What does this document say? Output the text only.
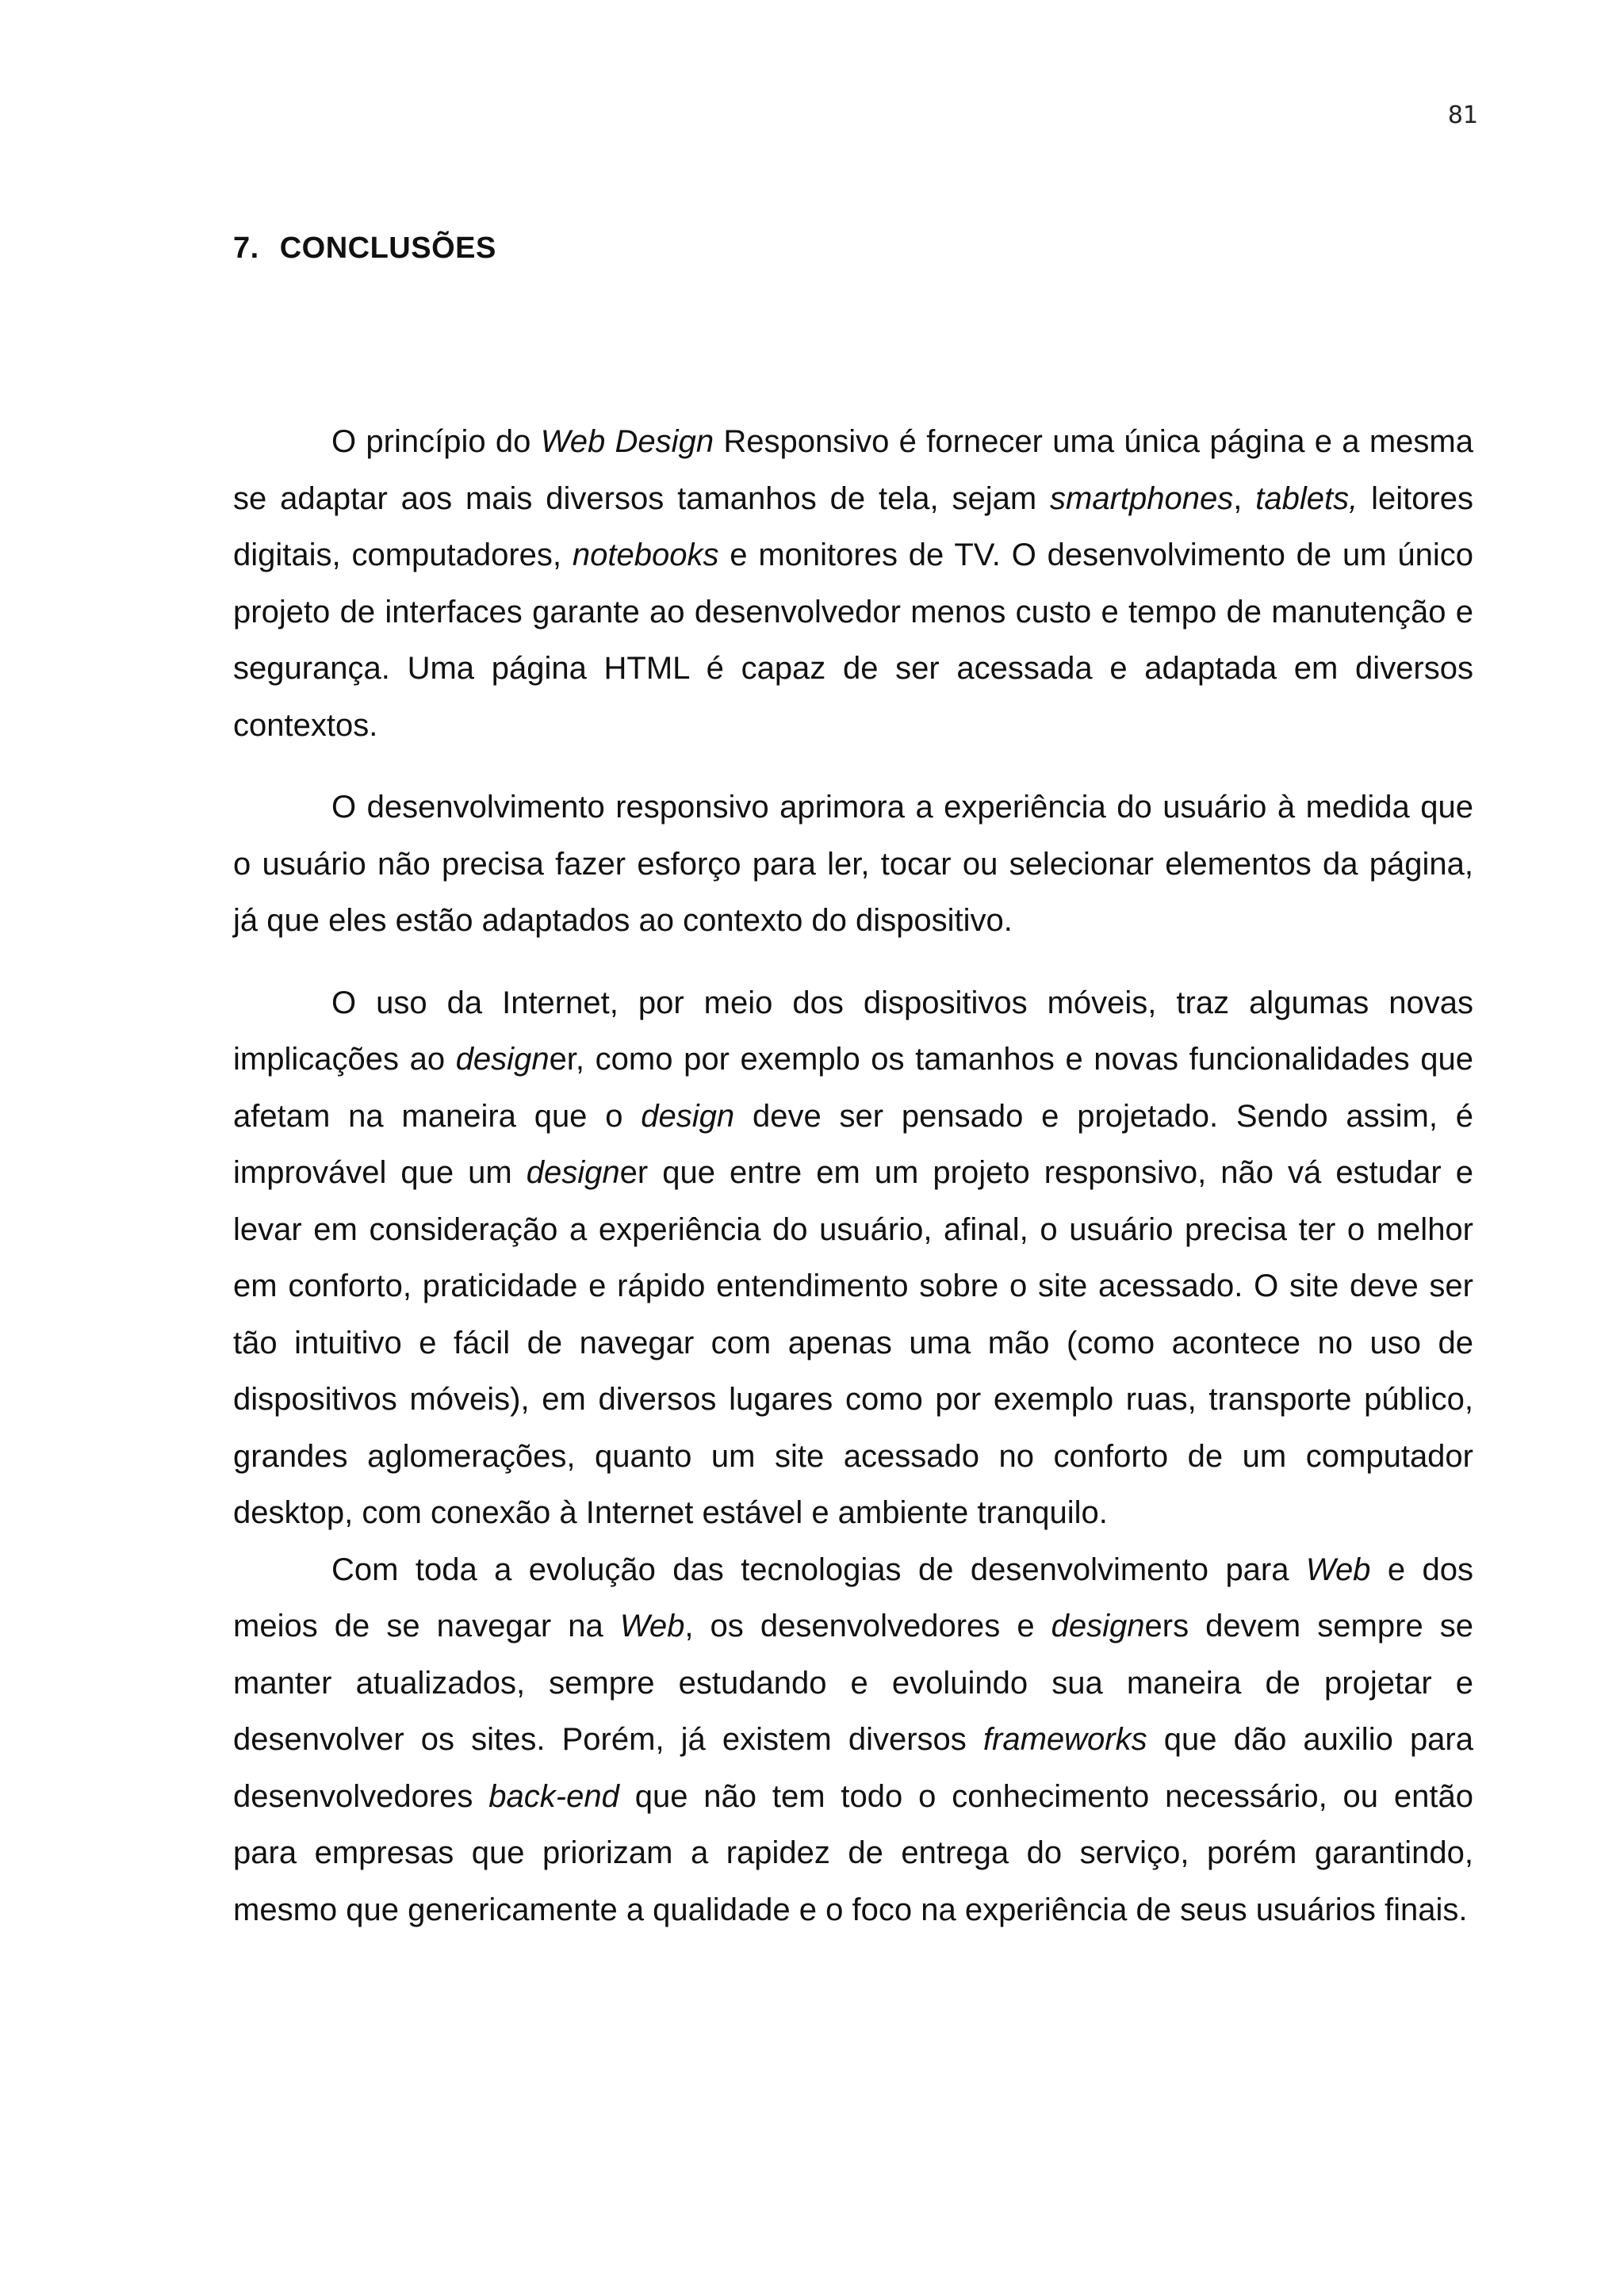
81
7. CONCLUSÕES

O princípio do Web Design Responsivo é fornecer uma única página e a mesma se adaptar aos mais diversos tamanhos de tela, sejam smartphones, tablets, leitores digitais, computadores, notebooks e monitores de TV. O desenvolvimento de um único projeto de interfaces garante ao desenvolvedor menos custo e tempo de manutenção e segurança. Uma página HTML é capaz de ser acessada e adaptada em diversos contextos.

O desenvolvimento responsivo aprimora a experiência do usuário à medida que o usuário não precisa fazer esforço para ler, tocar ou selecionar elementos da página, já que eles estão adaptados ao contexto do dispositivo.

O uso da Internet, por meio dos dispositivos móveis, traz algumas novas implicações ao designer, como por exemplo os tamanhos e novas funcionalidades que afetam na maneira que o design deve ser pensado e projetado. Sendo assim, é improvável que um designer que entre em um projeto responsivo, não vá estudar e levar em consideração a experiência do usuário, afinal, o usuário precisa ter o melhor em conforto, praticidade e rápido entendimento sobre o site acessado. O site deve ser tão intuitivo e fácil de navegar com apenas uma mão (como acontece no uso de dispositivos móveis), em diversos lugares como por exemplo ruas, transporte público, grandes aglomerações, quanto um site acessado no conforto de um computador desktop, com conexão à Internet estável e ambiente tranquilo.

Com toda a evolução das tecnologias de desenvolvimento para Web e dos meios de se navegar na Web, os desenvolvedores e designers devem sempre se manter atualizados, sempre estudando e evoluindo sua maneira de projetar e desenvolver os sites. Porém, já existem diversos frameworks que dão auxilio para desenvolvedores back-end que não tem todo o conhecimento necessário, ou então para empresas que priorizam a rapidez de entrega do serviço, porém garantindo, mesmo que genericamente a qualidade e o foco na experiência de seus usuários finais.
